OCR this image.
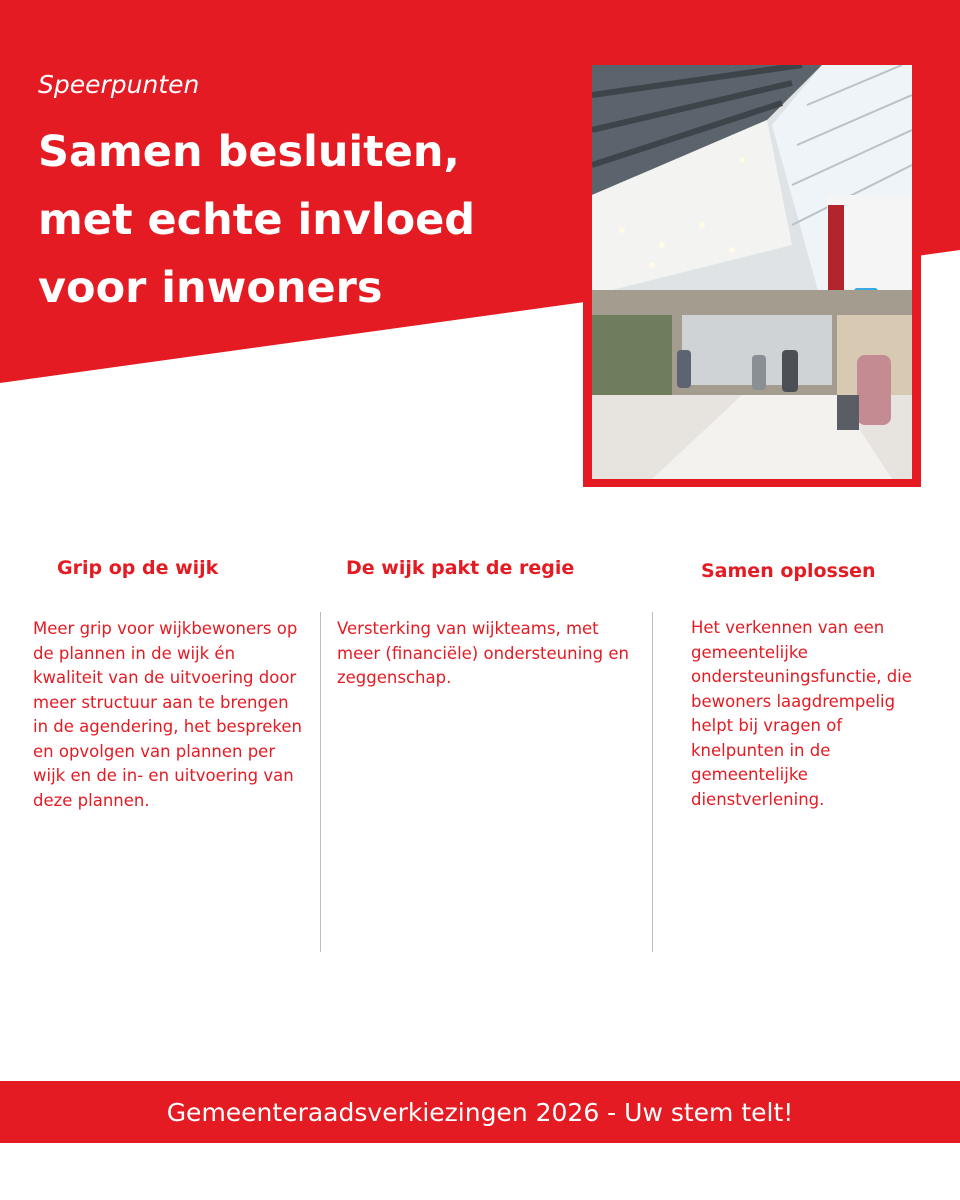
Speerpunten

Samen besluiten, met echte invloed voor inwoners
Grip op de wijk

Meer grip voor wijkbewoners op de plannen in de wijk én kwaliteit van de uitvoering door meer structuur aan te brengen in de agendering, het bespreken en opvolgen van plannen per wijk en de in- en uitvoering van deze plannen.

De wijk pakt de regie

Versterking van wijkteams, met meer (financiële) ondersteuning en zeggenschap.

Samen oplossen

Het verkennen van een gemeentelijke ondersteuningsfunctie, die bewoners laagdrempelig helpt bij vragen of knelpunten in de gemeentelijke dienstverlening.

Gemeenteraadsverkiezingen 2026 - Uw stem telt!
